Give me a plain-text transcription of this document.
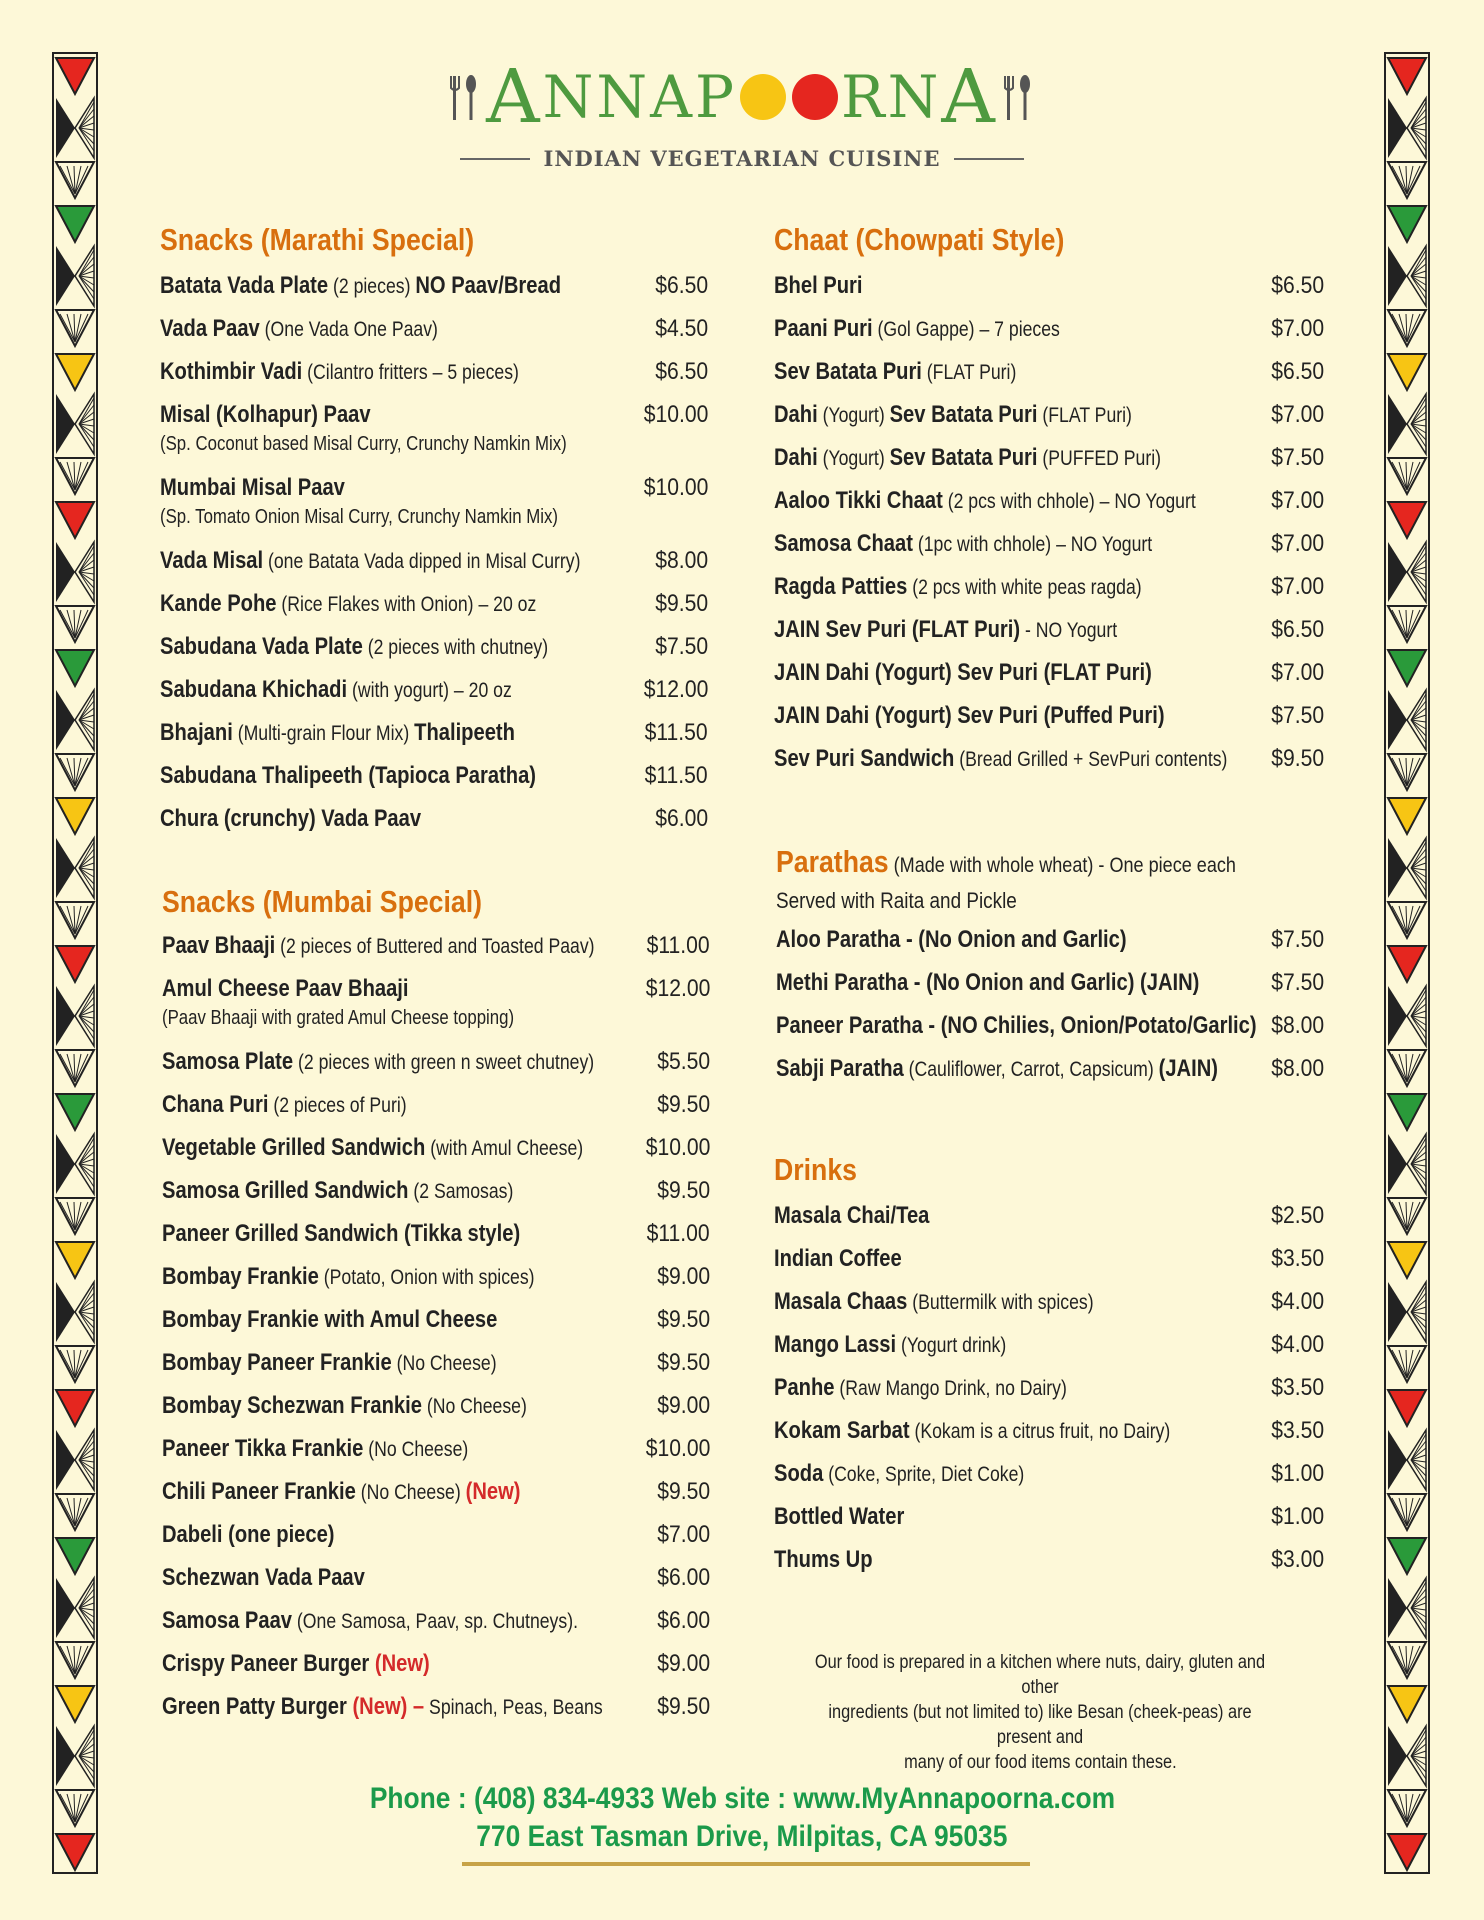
A NNAP RN A
INDIAN VEGETARIAN CUISINE
Snacks (Marathi Special)
Batata Vada Plate (2 pieces) NO Paav/Bread	$6.50
Vada Paav (One Vada One Paav)	$4.50
Kothimbir Vadi (Cilantro fritters – 5 pieces)	$6.50
Misal (Kolhapur) Paav
(Sp. Coconut based Misal Curry, Crunchy Namkin Mix)
$10.00
Mumbai Misal Paav
(Sp. Tomato Onion Misal Curry, Crunchy Namkin Mix)
$10.00
Vada Misal (one Batata Vada dipped in Misal Curry)	$8.00
Kande Pohe (Rice Flakes with Onion) – 20 oz	$9.50
Sabudana Vada Plate (2 pieces with chutney)	$7.50
Sabudana Khichadi (with yogurt) – 20 oz	$12.00
Bhajani (Multi-grain Flour Mix) Thalipeeth	$11.50
Sabudana Thalipeeth (Tapioca Paratha)	$11.50
Chura (crunchy) Vada Paav	$6.00
Snacks (Mumbai Special)
Paav Bhaaji (2 pieces of Buttered and Toasted Paav) $11.00
Amul Cheese Paav Bhaaji
(Paav Bhaaji with grated Amul Cheese topping)
$12.00
Samosa Plate (2 pieces with green n sweet chutney)	$5.50
Chana Puri (2 pieces of Puri)	$9.50
Vegetable Grilled Sandwich (with Amul Cheese)	$10.00
Samosa Grilled Sandwich (2 Samosas)	$9.50
Paneer Grilled Sandwich (Tikka style)	$11.00
Bombay Frankie (Potato, Onion with spices)	$9.00
Bombay Frankie with Amul Cheese	$9.50
Bombay Paneer Frankie (No Cheese)	$9.50
Bombay Schezwan Frankie (No Cheese)	$9.00
Paneer Tikka Frankie (No Cheese)	$10.00
Chili Paneer Frankie (No Cheese) (New)	$9.50
Dabeli (one piece)	$7.00
Schezwan Vada Paav	$6.00
Samosa Paav (One Samosa, Paav, sp. Chutneys).	$6.00
Crispy Paneer Burger (New)	$9.00
Green Patty Burger (New) – Spinach, Peas, Beans $9.50
Chaat (Chowpati Style)
Bhel Puri	$6.50
Paani Puri (Gol Gappe) – 7 pieces	$7.00
Sev Batata Puri (FLAT Puri)	$6.50
Dahi (Yogurt) Sev Batata Puri (FLAT Puri)	$7.00
Dahi (Yogurt) Sev Batata Puri (PUFFED Puri)	$7.50
Aaloo Tikki Chaat (2 pcs with chhole) – NO Yogurt	$7.00
Samosa Chaat (1pc with chhole) – NO Yogurt	$7.00
Ragda Patties (2 pcs with white peas ragda)	$7.00
JAIN Sev Puri (FLAT Puri) - NO Yogurt	$6.50
JAIN Dahi (Yogurt) Sev Puri (FLAT Puri)	$7.00
JAIN Dahi (Yogurt) Sev Puri (Puffed Puri)	$7.50
Sev Puri Sandwich (Bread Grilled + SevPuri contents) $9.50
Parathas (Made with whole wheat) - One piece each
Served with Raita and Pickle
Aloo Paratha - (No Onion and Garlic)	$7.50
Methi Paratha - (No Onion and Garlic) (JAIN)	$7.50
Paneer Paratha - (NO Chilies, Onion/Potato/Garlic) $8.00
Sabji Paratha (Cauliflower, Carrot, Capsicum) (JAIN) $8.00
Drinks
Masala Chai/Tea	$2.50
Indian Coffee	$3.50
Masala Chaas (Buttermilk with spices)	$4.00
Mango Lassi (Yogurt drink)	$4.00
Panhe (Raw Mango Drink, no Dairy)	$3.50
Kokam Sarbat (Kokam is a citrus fruit, no Dairy)	$3.50
Soda (Coke, Sprite, Diet Coke)	$1.00
Bottled Water	$1.00
Thums Up	$3.00
Our food is prepared in a kitchen where nuts, dairy, gluten and other
ingredients (but not limited to) like Besan (cheek-peas) are present and
many of our food items contain these.
Phone : (408) 834-4933 Web site : www.MyAnnapoorna.com
770 East Tasman Drive, Milpitas, CA 95035
